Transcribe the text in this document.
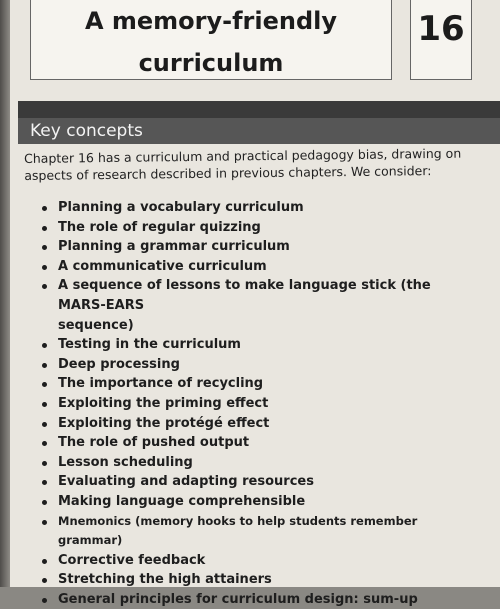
A memory-friendly
curriculum
16
Key concepts
Chapter 16 has a curriculum and practical pedagogy bias, drawing on aspects of research described in previous chapters. We consider:
Planning a vocabulary curriculum
The role of regular quizzing
Planning a grammar curriculum
A communicative curriculum
A sequence of lessons to make language stick (the MARS-EARS
sequence)
Testing in the curriculum
Deep processing
The importance of recycling
Exploiting the priming effect
Exploiting the protégé effect
The role of pushed output
Lesson scheduling
Evaluating and adapting resources
Making language comprehensible
Mnemonics (memory hooks to help students remember grammar)
Corrective feedback
Stretching the high attainers
General principles for curriculum design: sum-up
